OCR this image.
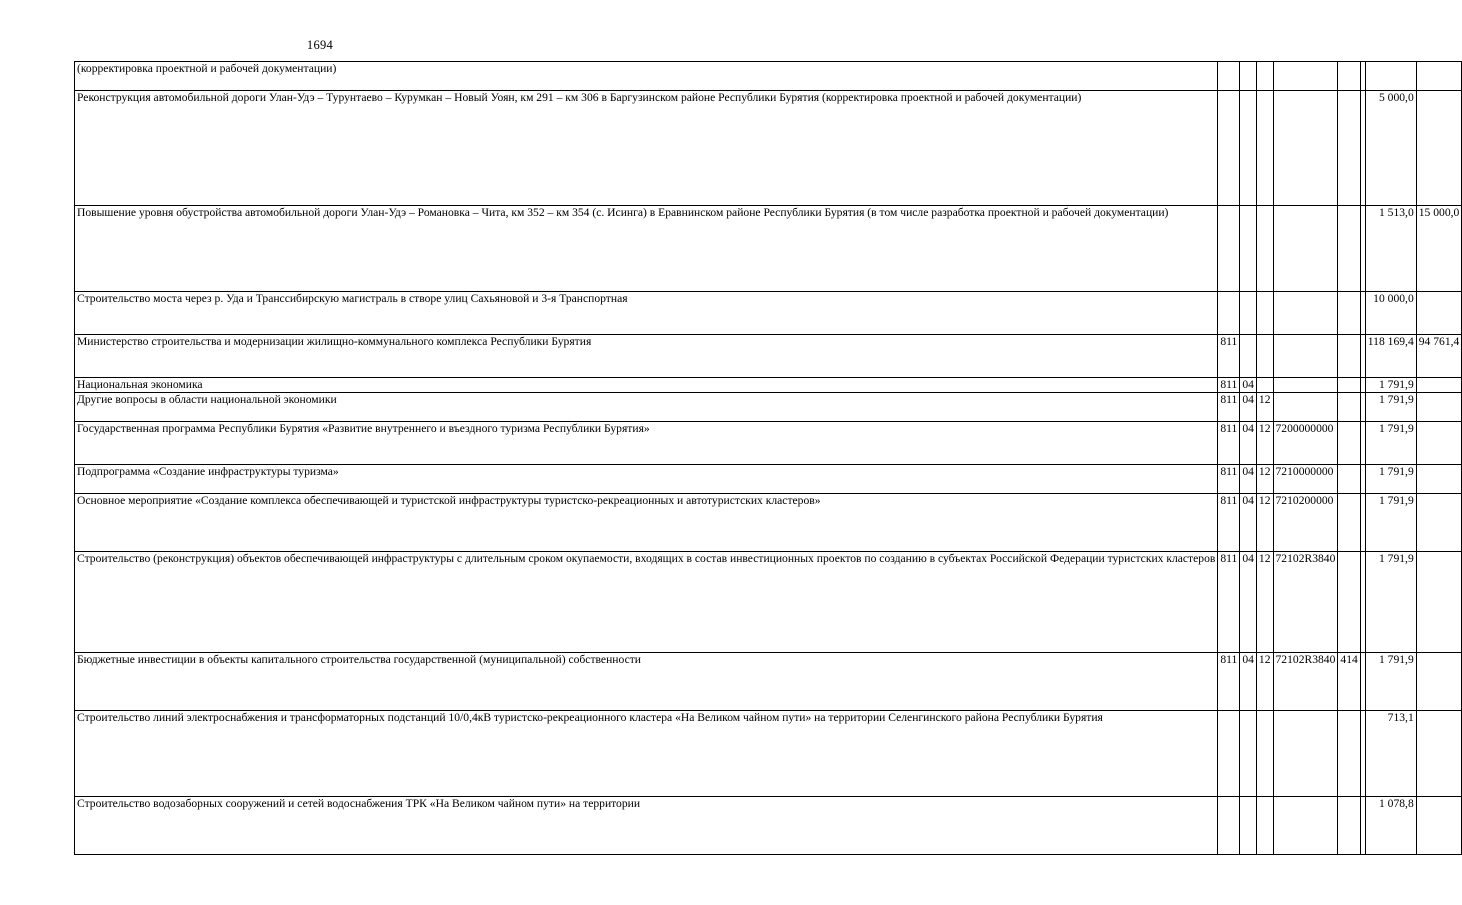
1694
(корректировка проектной и рабочей документации)								
Реконструкция автомобильной дороги Улан-Удэ – Турунтаево – Курумкан – Новый Уоян, км 291 – км 306 в Баргузинском районе Республики Бурятия (корректировка проектной и рабочей документации)							5 000,0	
Повышение уровня обустройства автомобильной дороги Улан-Удэ – Романовка – Чита, км 352 – км 354 (с. Исинга) в Еравнинском районе Республики Бурятия (в том числе разработка проектной и рабочей документации)							1 513,0	15 000,0
Строительство моста через р. Уда и Транссибирскую магистраль в створе улиц Сахьяновой и 3-я Транспортная							10 000,0	
Министерство строительства и модернизации жилищно-коммунального комплекса Республики Бурятия	811						118 169,4	94 761,4
Национальная экономика	811	04					1 791,9	
Другие вопросы в области национальной экономики	811	04	12				1 791,9	
Государственная программа Республики Бурятия «Развитие внутреннего и въездного туризма Республики Бурятия»	811	04	12	7200000000			1 791,9	
Подпрограмма «Создание инфраструктуры туризма»	811	04	12	7210000000			1 791,9	
Основное мероприятие «Создание комплекса обеспечивающей и туристской инфраструктуры туристско-рекреационных и автотуристских кластеров»	811	04	12	7210200000			1 791,9	
Строительство (реконструкция) объектов обеспечивающей инфраструктуры с длительным сроком окупаемости, входящих в состав инвестиционных проектов по созданию в субъектах Российской Федерации туристских кластеров	811	04	12	72102R3840			1 791,9	
Бюджетные инвестиции в объекты капитального строительства государственной (муниципальной) собственности	811	04	12	72102R3840	414		1 791,9	
Строительство линий электроснабжения и трансформаторных подстанций 10/0,4кВ туристско-рекреационного кластера «На Великом чайном пути» на территории Селенгинского района Республики Бурятия							713,1	
Строительство водозаборных сооружений и сетей водоснабжения ТРК «На Великом чайном пути» на территории							1 078,8	
